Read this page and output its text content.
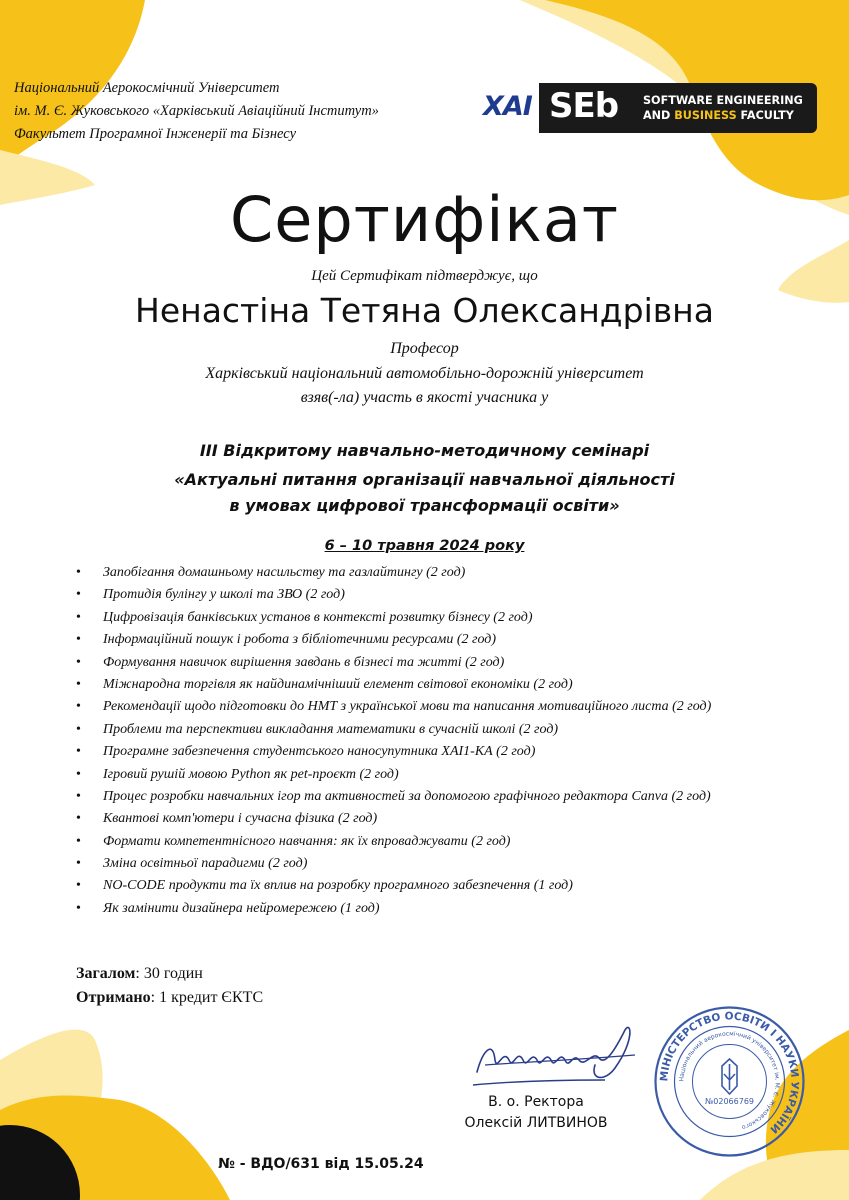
Національний Аерокосмічний Університет
ім. М. Є. Жуковського «Харківський Авіаційний Інститут»
Факультет Програмної Інженерії та Бізнесу
XAI SEb SOFTWARE ENGINEERING
AND BUSINESS FACULTY
Сертифікат
Цей Сертифікат підтверджує, що
Ненастіна Тетяна Олександрівна
Професор
Харківський національний автомобільно-дорожній університет
взяв(-ла) участь в якості учасника у
ІІІ Відкритому навчально-методичному семінарі
«Актуальні питання організації навчальної діяльності
в умовах цифрової трансформації освіти»
6 – 10 травня 2024 року
• Запобігання домашньому насильству та газлайтингу (2 год)
• Протидія булінгу у школі та ЗВО (2 год)
• Цифровізація банківських установ в контексті розвитку бізнесу (2 год)
• Інформаційний пошук і робота з бібліотечними ресурсами (2 год)
• Формування навичок вирішення завдань в бізнесі та житті (2 год)
• Міжнародна торгівля як найдинамічніший елемент світової економіки (2 год)
• Рекомендації щодо підготовки до НМТ з української мови та написання мотиваційного листа (2 год)
• Проблеми та перспективи викладання математики в сучасній школі (2 год)
• Програмне забезпечення студентського наносупутника ХАІ1-КА (2 год)
• Ігровий рушій мовою Python як pet-проєкт (2 год)
• Процес розробки навчальних ігор та активностей за допомогою графічного редактора Canva (2 год)
• Квантові комп'ютери і сучасна фізика (2 год)
• Формати компетентнісного навчання: як їх впроваджувати (2 год)
• Зміна освітньої парадигми (2 год)
• NO-CODE продукти та їх вплив на розробку програмного забезпечення (1 год)
• Як замінити дизайнера нейромережею (1 год)
Загалом: 30 годин
Отримано: 1 кредит ЄКТС
В. о. Ректора
Олексій ЛИТВИНОВ
МІНІСТЕРСТВО ОСВІТИ І НАУКИ УКРАЇНИ
Національний аерокосмічний університет ім. М. Є. Жуковського
№02066769
№ - ВДО/631 від 15.05.24
